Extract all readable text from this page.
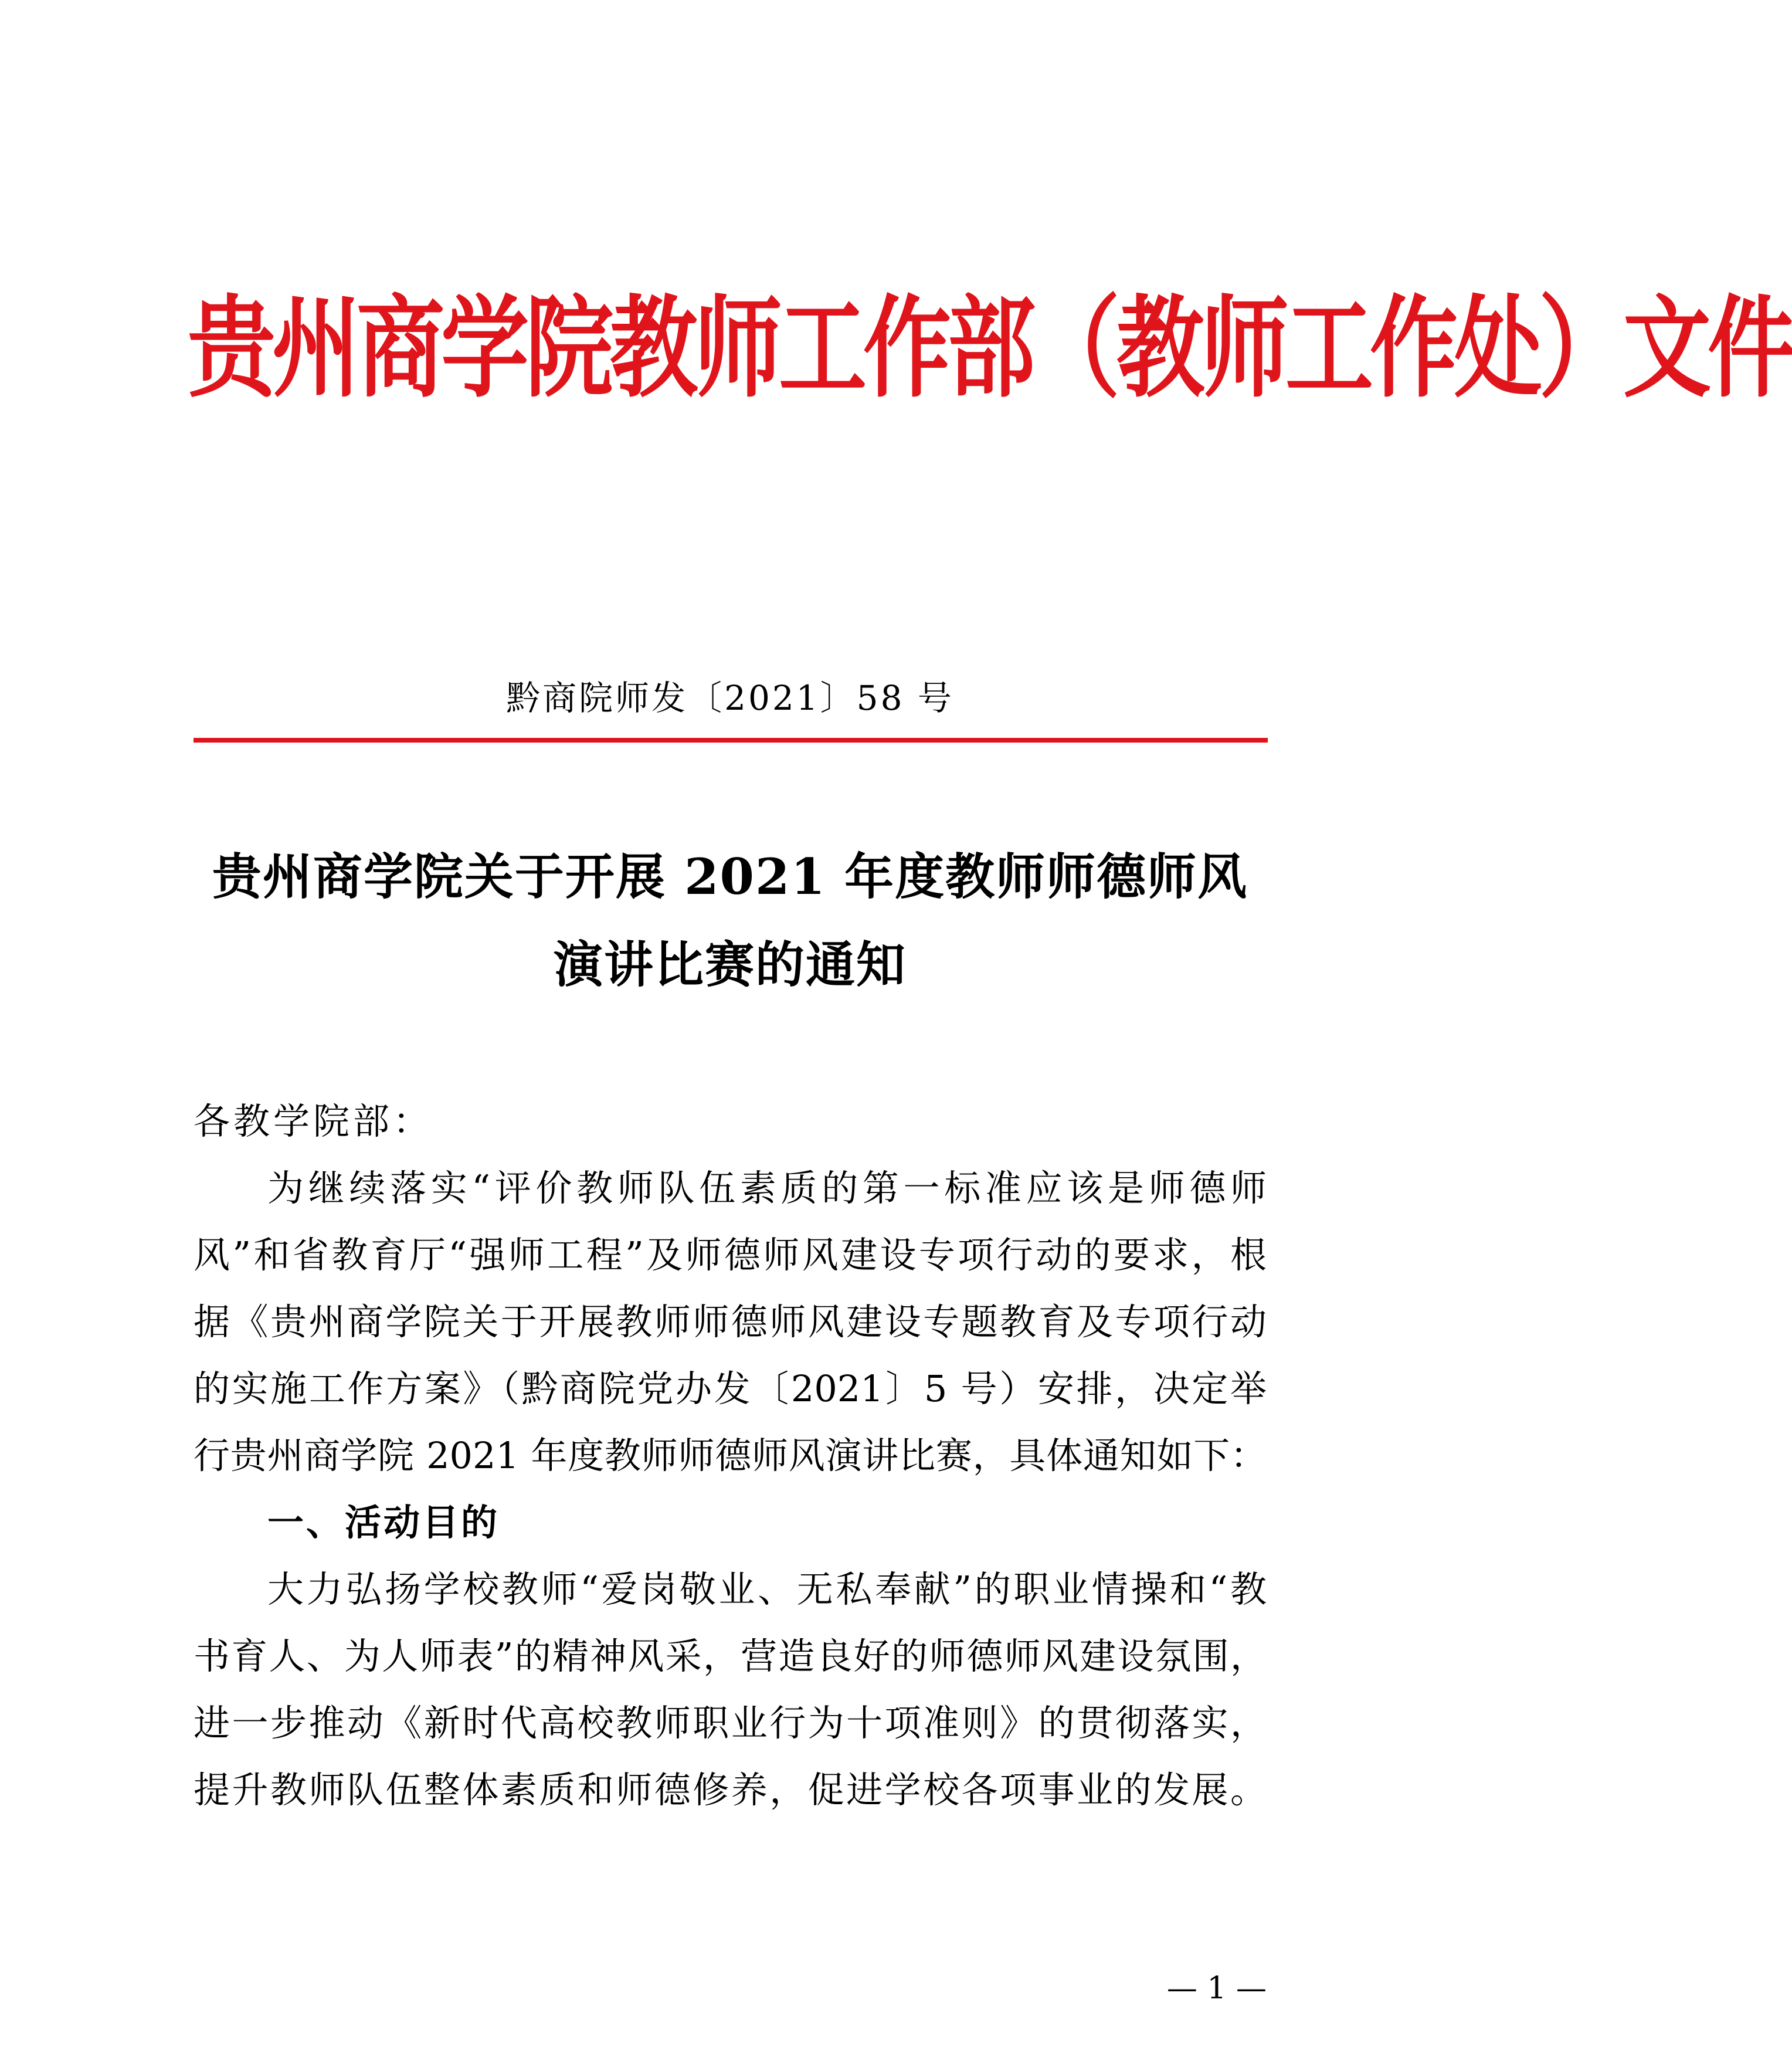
贵州商学院教师工作部（教师工作处）文件
黔商院师发〔2021〕58 号
贵州商学院关于开展 2021 年度教师师德师风
演讲比赛的通知
各教学院部：
为继续落实“评价教师队伍素质的第一标准应该是师德师
风”和省教育厅“强师工程”及师德师风建设专项行动的要求，根
据《贵州商学院关于开展教师师德师风建设专题教育及专项行动
的实施工作方案》（黔商院党办发〔2021〕5 号）安排，决定举
行贵州商学院 2021 年度教师师德师风演讲比赛，具体通知如下：
一、活动目的
大力弘扬学校教师“爱岗敬业、无私奉献”的职业情操和“教
书育人、为人师表”的精神风采，营造良好的师德师风建设氛围，
进一步推动《新时代高校教师职业行为十项准则》的贯彻落实，
提升教师队伍整体素质和师德修养，促进学校各项事业的发展。
— 1 —
